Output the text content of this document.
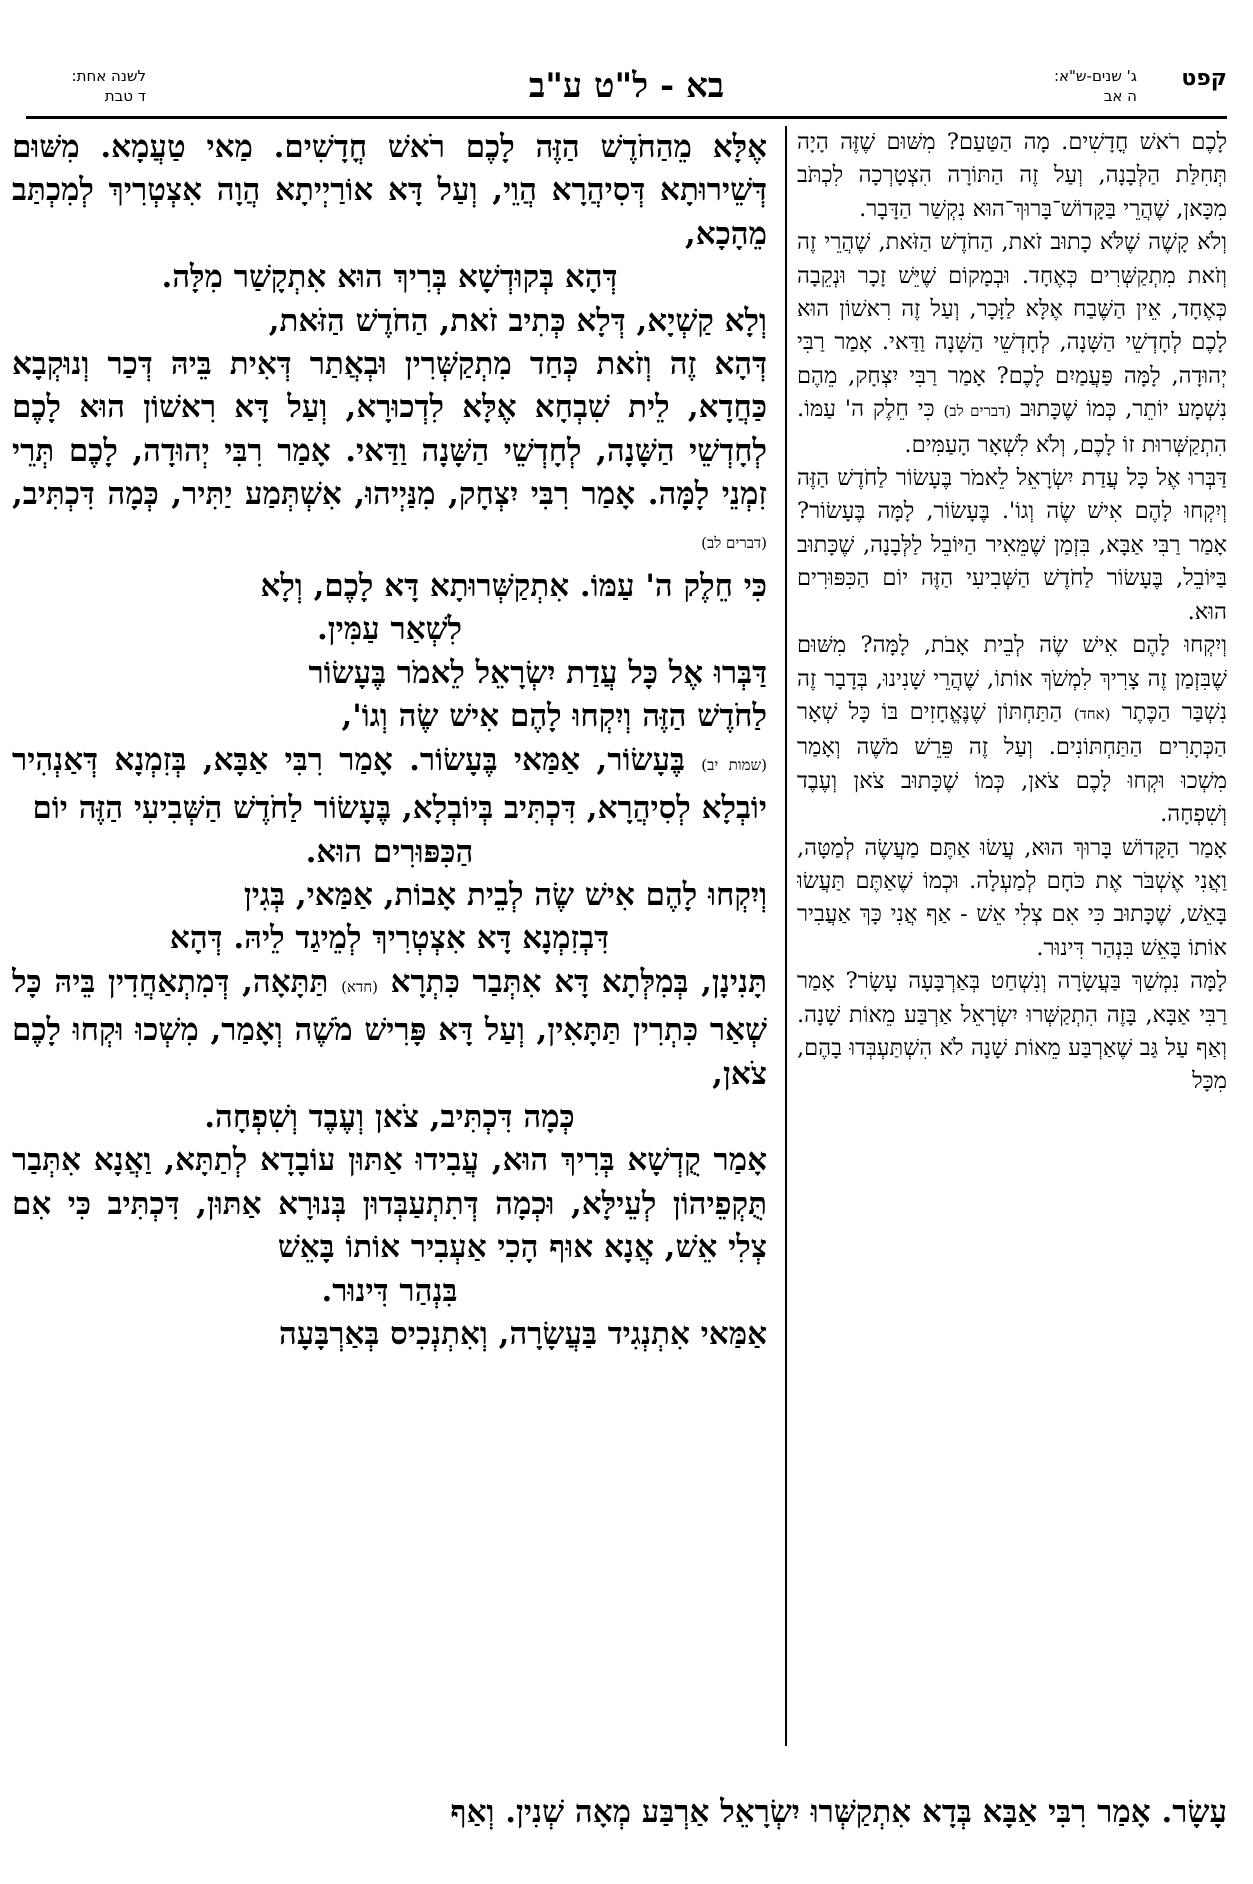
קפט
ג' שנים-ש"א:
ה אב
בא - ל"ט ע"ב
לשנה אחת:
ד טבת

אֶלָּא מֵהַחֹדֶשׁ הַזֶּה לָכֶם רֹאשׁ חֳדָשִׁים. מַאי טַעֲמָא. מִשּׁוּם דְּשֵׁירוּתָא דְּסִיהֲרָא הֲוֵי, וְעַל דָּא אוֹרַיְיתָא הֲוָה אִצְטְרִיךְ לְמִכְתַּב מֵהָכָא,

דְּהָא בְּקוּדְשָׁא בְּרִיךְ הוּא אִתְקָשַׁר מִלָּה.

וְלָא קַשְׁיָא, דְּלָא כְּתִיב זֹאת, הַחֹדֶשׁ הַזֹּאת,

דְּהָא זֶה וְזֹאת כְּחַד מִתְקַשְּׁרִין וּבְאֲתַר דְּאִית בֵּיהּ דְּכַר וְנוּקְבָא כַּחֲדָא, לֵית שִׁבְחָא אֶלָּא לִדְכוּרָא, וְעַל דָּא רִאשׁוֹן הוּא לָכֶם לְחָדְשֵׁי הַשָּׁנָה, לְחָדְשֵׁי הַשָּׁנָה וַדַּאי. אָמַר רִבִּי יְהוּדָה, לָכֶם תְּרֵי זִמְנֵי לָמָּה. אָמַר רִבִּי יִצְחָק, מִנַּיְיהוּ, אִשְׁתְּמַע יַתִּיר, כְּמָה דִּכְתִּיב, (דברים לב)

כִּי חֵלֶק ה' עַמּוֹ. אִתְקַשְּׁרוּתָא דָּא לָכֶם, וְלָא

לִשְׁאַר עַמִּין.

דַּבְּרוּ אֶל כָּל עֲדַת יִשְׂרָאֵל לֵאמֹר בֶּעָשׂוֹר

לַחֹדֶשׁ הַזֶּה וְיִקְחוּ לָהֶם אִישׁ שֶׂה וְגוֹ',

(שמות יב) בֶּעָשׂוֹר, אַמַּאי בֶּעָשׂוֹר. אָמַר רִבִּי אַבָּא, בְּזִמְנָא דְּאַנְהִיר יוֹבְלָא לְסִיהֲרָא, דִּכְתִּיב בְּיוֹבְלָא, בֶּעָשׂוֹר לַחֹדֶשׁ הַשְּׁבִיעִי הַזֶּה יוֹם

הַכִּפּוּרִים הוּא.

וְיִקְחוּ לָהֶם אִישׁ שֶׂה לְבֵית אָבוֹת, אַמַּאי, בְּגִין

דִּבְזִמְנָא דָּא אִצְטְרִיךְ לְמֵיגַד לֵיהּ. דְּהָא

תָּנִינָן, בְּמִלְּתָא דָּא אִתְּבַר כִּתְרָא (חדא) תַּתָּאָה, דְּמִתְאַחֲדִין בֵּיהּ כָּל שְׁאַר כִּתְרִין תַּתָּאִין, וְעַל דָּא פָּרִישׁ מֹשֶׁה וְאָמַר, מִשְׁכוּ וּקְחוּ לָכֶם צֹאן,

כְּמָה דִּכְתִּיב, צֹאן וְעֶבֶד וְשִׁפְחָה.

אָמַר קֻדְשָׁא בְּרִיךְ הוּא, עֲבִידוּ אַתּוּן עוֹבָדָא לְתַתָּא, וַאֲנָא אִתְּבַר תֻּקְפֵיהוֹן לְעֵילָּא, וּכְמָה דְּתִתְעַבְּדוּן בְּנוּרָא אַתּוּן, דִּכְתִּיב כִּי אִם צְלִי אֵשׁ, אֲנָא אוּף הָכִי אַעְבִיר אוֹתוֹ בָּאֵשׁ

בִּנְהַר דִּינוּר.

אַמַּאי אִתְנְגִיד בַּעֲשָׂרָה, וְאִתְנְכִיס בְּאַרְבָּעָה

לָכֶם רֹאשׁ חֳדָשִׁים. מָה הַטַּעַם? מִשּׁוּם שֶׁזֶּה הָיָה תְּחִלַּת הַלְּבָנָה, וְעַל זֶה הַתּוֹרָה הִצְטָרְכָה לִכְתֹּב מִכָּאן, שֶׁהֲרֵי בַּקָּדוֹשׁ־בָּרוּךְ־הוּא נִקְשַׁר הַדָּבָר.

וְלֹא קָשֶׁה שֶׁלֹּא כָתוּב זֹאת, הַחֹדֶשׁ הַזֹּאת, שֶׁהֲרֵי זֶה וְזֹאת מִתְקַשְּׁרִים כְּאֶחָד. וּבְמָקוֹם שֶׁיֵּשׁ זָכָר וּנְקֵבָה כְּאֶחָד, אֵין הַשֶּׁבַח אֶלָּא לַזָּכָר, וְעַל זֶה רִאשׁוֹן הוּא לָכֶם לְחָדְשֵׁי הַשָּׁנָה, לְחָדְשֵׁי הַשָּׁנָה וַדַּאי. אָמַר רַבִּי יְהוּדָה, לָמָּה פַּעֲמַיִם לָכֶם? אָמַר רַבִּי יִצְחָק, מֵהֶם נִשְׁמָע יוֹתֵר, כְּמוֹ שֶׁכָּתוּב (דברים לב) כִּי חֵלֶק ה' עַמּוֹ. הִתְקַשְּׁרוּת זוֹ לָכֶם, וְלֹא לִשְׁאָר הָעַמִּים.

דַּבְּרוּ אֶל כָּל עֲדַת יִשְׂרָאֵל לֵאמֹר בֶּעָשׂוֹר לַחֹדֶשׁ הַזֶּה וְיִקְחוּ לָהֶם אִישׁ שֶׂה וְגוֹ'. בֶּעָשׂוֹר, לָמָּה בֶּעָשׂוֹר? אָמַר רַבִּי אַבָּא, בִּזְמַן שֶׁמֵּאִיר הַיּוֹבֵל לַלְּבָנָה, שֶׁכָּתוּב בַּיּוֹבֵל, בֶּעָשׂוֹר לַחֹדֶשׁ הַשְּׁבִיעִי הַזֶּה יוֹם הַכִּפּוּרִים הוּא.

וְיִקְחוּ לָהֶם אִישׁ שֶׂה לְבֵית אָבֹת, לָמָּה? מִשּׁוּם שֶׁבִּזְמַן זֶה צָרִיךְ לִמְשֹׁךְ אוֹתוֹ, שֶׁהֲרֵי שָׁנִינוּ, בְּדָבָר זֶה נִשְׁבַּר הַכֶּתֶר (אחד) הַתַּחְתּוֹן שֶׁנֶּאֱחָזִים בּוֹ כָּל שְׁאָר הַכְּתָרִים הַתַּחְתּוֹנִים. וְעַל זֶה פֵּרֵשׁ מֹשֶׁה וְאָמַר מִשְׁכוּ וּקְחוּ לָכֶם צֹאן, כְּמוֹ שֶׁכָּתוּב צֹאן וְעֶבֶד וְשִׁפְחָה.

אָמַר הַקָּדוֹשׁ בָּרוּךְ הוּא, עֲשׂוּ אַתֶּם מַעֲשֶׂה לְמַטָּה, וַאֲנִי אֶשְׁבֹּר אֶת כֹּחָם לְמַעְלָה. וּכְמוֹ שֶׁאַתֶּם תַּעֲשׂוּ בָּאֵשׁ, שֶׁכָּתוּב כִּי אִם צְלִי אֵשׁ - אַף אֲנִי כָּךְ אַעֲבִיר אוֹתוֹ בָּאֵשׁ בִּנְהַר דִּינוּר.

לָמָּה נִמְשַׁךְ בַּעֲשָׂרָה וְנִשְׁחַט בְּאַרְבָּעָה עָשָׂר? אָמַר רַבִּי אַבָּא, בָּזֶה הִתְקַשְּׁרוּ יִשְׂרָאֵל אַרְבַּע מֵאוֹת שָׁנָה. וְאַף עַל גַּב שֶׁאַרְבַּע מֵאוֹת שָׁנָה לֹא הִשְׁתַּעְבְּדוּ בָהֶם, מִכָּל

עָשָׂר. אָמַר רִבִּי אַבָּא בְּדָא אִתְקַשְּׁרוּ יִשְׂרָאֵל אַרְבַּע מְאָה שְׁנִין. וְאַף
